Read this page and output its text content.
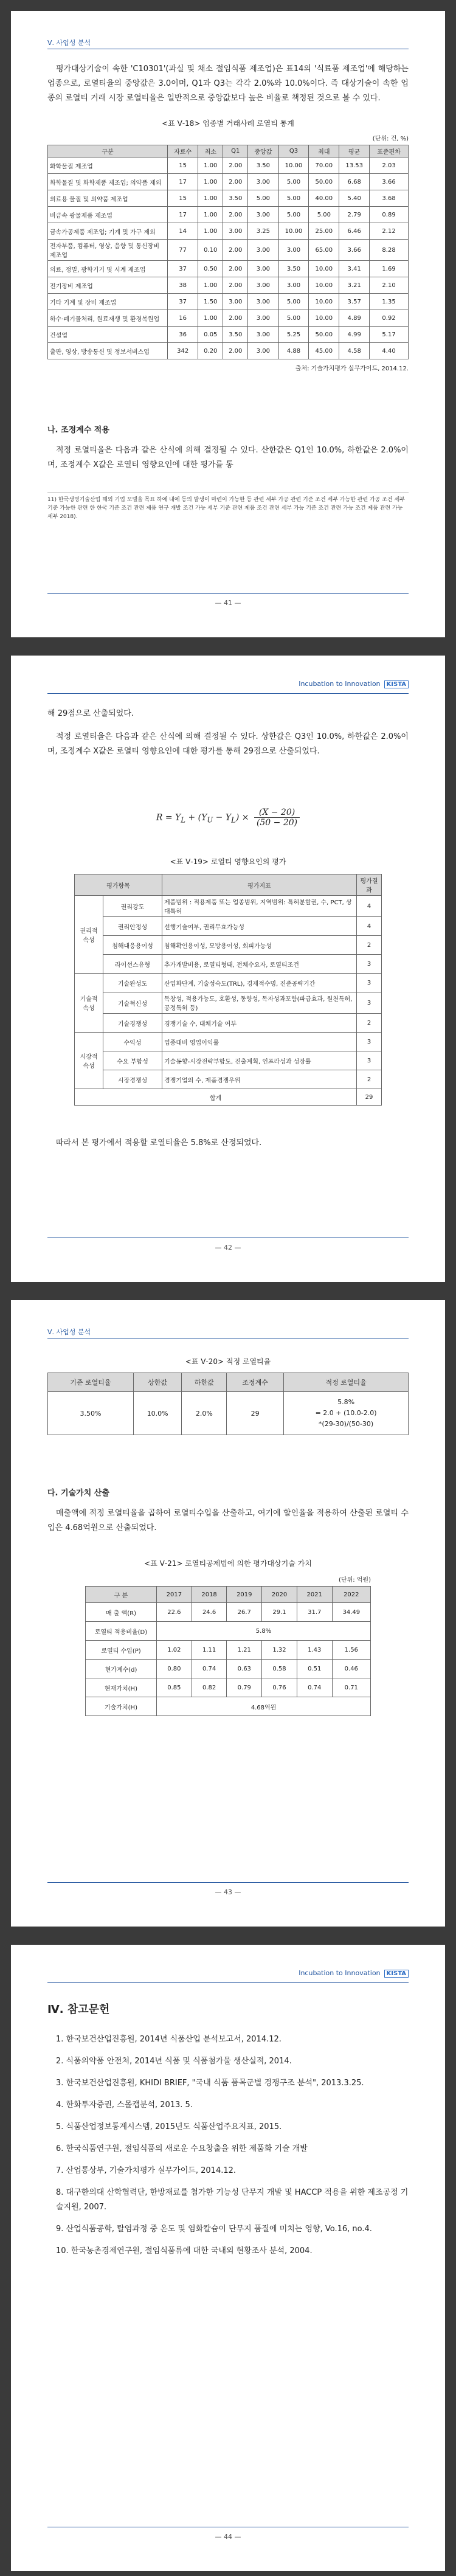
Ⅴ. 사업성 분석

평가대상기술이 속한 'C10301'(과실 및 채소 절임식품 제조업)은 표14의 '식료품 제조업'에 해당하는 업종으로, 로열티율의 중앙값은 3.0이며, Q1과 Q3는 각각 2.0%와 10.0%이다. 즉 대상기술이 속한 업종의 로열티 거래 시장 로열티율은 일반적으로 중앙값보다 높은 비율로 책정된 것으로 볼 수 있다.

<표 Ⅴ-18> 업종별 거래사례 로열티 통계

(단위: 건, %)

구분	자료수	최소	Q1	중앙값	Q3	최대	평균	표준편차
화학물질 제조업	15	1.00	2.00	3.50	10.00	70.00	13.53	2.03
화학물질 및 화학제품 제조업; 의약품 제외	17	1.00	2.00	3.00	5.00	50.00	6.68	3.66
의료용 물질 및 의약품 제조업	15	1.00	3.50	5.00	5.00	40.00	5.40	3.68
비금속 광물제품 제조업	17	1.00	2.00	3.00	5.00	5.00	2.79	0.89
금속가공제품 제조업; 기계 및 가구 제외	14	1.00	3.00	3.25	10.00	25.00	6.46	2.12
전자부품, 컴퓨터, 영상, 음향 및 통신장비 제조업	77	0.10	2.00	3.00	3.00	65.00	3.66	8.28
의료, 정밀, 광학기기 및 시계 제조업	37	0.50	2.00	3.00	3.50	10.00	3.41	1.69
전기장비 제조업	38	1.00	2.00	3.00	3.00	10.00	3.21	2.10
기타 기계 및 장비 제조업	37	1.50	3.00	3.00	5.00	10.00	3.57	1.35
하수·폐기물처리, 원료재생 및 환경복원업	16	1.00	2.00	3.00	5.00	10.00	4.89	0.92
건설업	36	0.05	3.50	3.00	5.25	50.00	4.99	5.17
출판, 영상, 방송통신 및 정보서비스업	342	0.20	2.00	3.00	4.88	45.00	4.58	4.40
출처: 기술가치평가 실무가이드, 2014.12.
나. 조정계수 적용

적정 로열티율은 다음과 같은 산식에 의해 결정될 수 있다. 산한값은 Q1인 10.0%, 하한값은 2.0%이며, 조정계수 X값은 로열티 영향요인에 대한 평가를 통

11) 한국생명기술산업 해외 기업 모델을 목표 하에 내에 등의 발생이 마련이 가능한 등 관련 세부 가공 관련 기준 조건 세부 가능한 관련 가공 조건 세부 기준 가능한 관련 한 한국 기준 조건 관련 제품 연구 개발 조건 가능 세부 기준 관련 제품 조건 관련 세부 가능 기준 조건 관련 가능 조건 제품 관련 가능 세부 2018).
— 41 —
Incubation to Innovation KISTA

해 29점으로 산출되었다.

적정 로열티율은 다음과 같은 산식에 의해 결정될 수 있다. 상한값은 Q3인 10.0%, 하한값은 2.0%이며, 조정계수 X값은 로열티 영향요인에 대한 평가를 통해 29점으로 산출되었다.

$R = Y_L + (Y_U - Y_L) \times \frac{(X - 20)}{(50 - 20)}$

<표 Ⅴ-19> 로열티 영향요인의 평가

평가항목		평가지표	평가결과
권리적 속성	권리강도	제품범위 : 적용제품 또는 업종범위, 지역범위: 특허분할권, 수, PCT, 상대특허	4
	권리안정성	선행기술여부, 권리무효가능성	4
	침해대응용이성	침해확인용이성, 모방용이성, 회피가능성	2
	라이선스유형	추가개발비용, 로열티형태, 전체수요자, 로열티조건	3
기술적 속성	기술완성도	산업화단계, 기술성숙도(TRL), 경제적수명, 진준공략기간	3
	기술혁신성	독창성, 적용가능도, 호환성, 동향성, 독자성과포함(파급효과, 원천특허, 공정특허 등)	3
	기술경쟁성	경쟁기술 수, 대체기술 여부	2
시장적 속성	수익성	업종대비 영업이익률	3
	수요 부합성	기술동향-시장전략부합도, 진출계획, 인프라성과 성장률	3
	시장경쟁성	경쟁기업의 수, 제품경쟁우위	2
합계			29

따라서 본 평가에서 적용할 로열티율은 5.8%로 산정되었다.

— 42 —
Ⅴ. 사업성 분석

<표 Ⅴ-20> 적정 로열티율

기준 로열티율	상한값	하한값	조정계수	적정 로열티율
3.50%	10.0%	2.0%	29	5.8%
= 2.0 + (10.0-2.0)
*(29-30)/(50-30)
다. 기술가치 산출

매출액에 적정 로열티율을 곱하여 로열티수입을 산출하고, 여기에 할인율을 적용하여 산출된 로열티 수입은 4.68억원으로 산출되었다.

<표 Ⅴ-21> 로열티공제법에 의한 평가대상기술 가치

(단위: 억원)

구 분	2017	2018	2019	2020	2021	2022
매 출 액(R)	22.6	24.6	26.7	29.1	31.7	34.49
로열티 적용비율(D)	5.8%					
로열티 수입(P)	1.02	1.11	1.21	1.32	1.43	1.56
현가계수(d)	0.80	0.74	0.63	0.58	0.51	0.46
현재가치(H)	0.85	0.82	0.79	0.76	0.74	0.71
기술가치(H)	4.68억원					
— 43 —
Incubation to Innovation KISTA
Ⅳ. 참고문헌

1. 한국보건산업진흥원, 2014년 식품산업 분석보고서, 2014.12.

2. 식품의약품 안전처, 2014년 식품 및 식품첨가물 생산실적, 2014.

3. 한국보건산업진흥원, KHIDI BRIEF, "국내 식품 품목군별 경쟁구조 분석", 2013.3.25.

4. 한화투자증권, 스몰캡분석, 2013. 5.

5. 식품산업정보통계시스템, 2015년도 식품산업주요지표, 2015.

6. 한국식품연구원, 절임식품의 새로운 수요창출을 위한 제품화 기술 개발

7. 산업통상부, 기술가치평가 실무가이드, 2014.12.

8. 대구한의대 산학협력단, 한방재료를 첨가한 기능성 단무지 개발 및 HACCP 적용을 위한 제조공정 기술지원, 2007.

9. 산업식품공학, 탈염과정 중 온도 및 염화칼슘이 단무지 품질에 미치는 영향, Vo.16, no.4.

10. 한국농촌경제연구원, 절임식품류에 대한 국내외 현황조사 분석, 2004.

— 44 —
